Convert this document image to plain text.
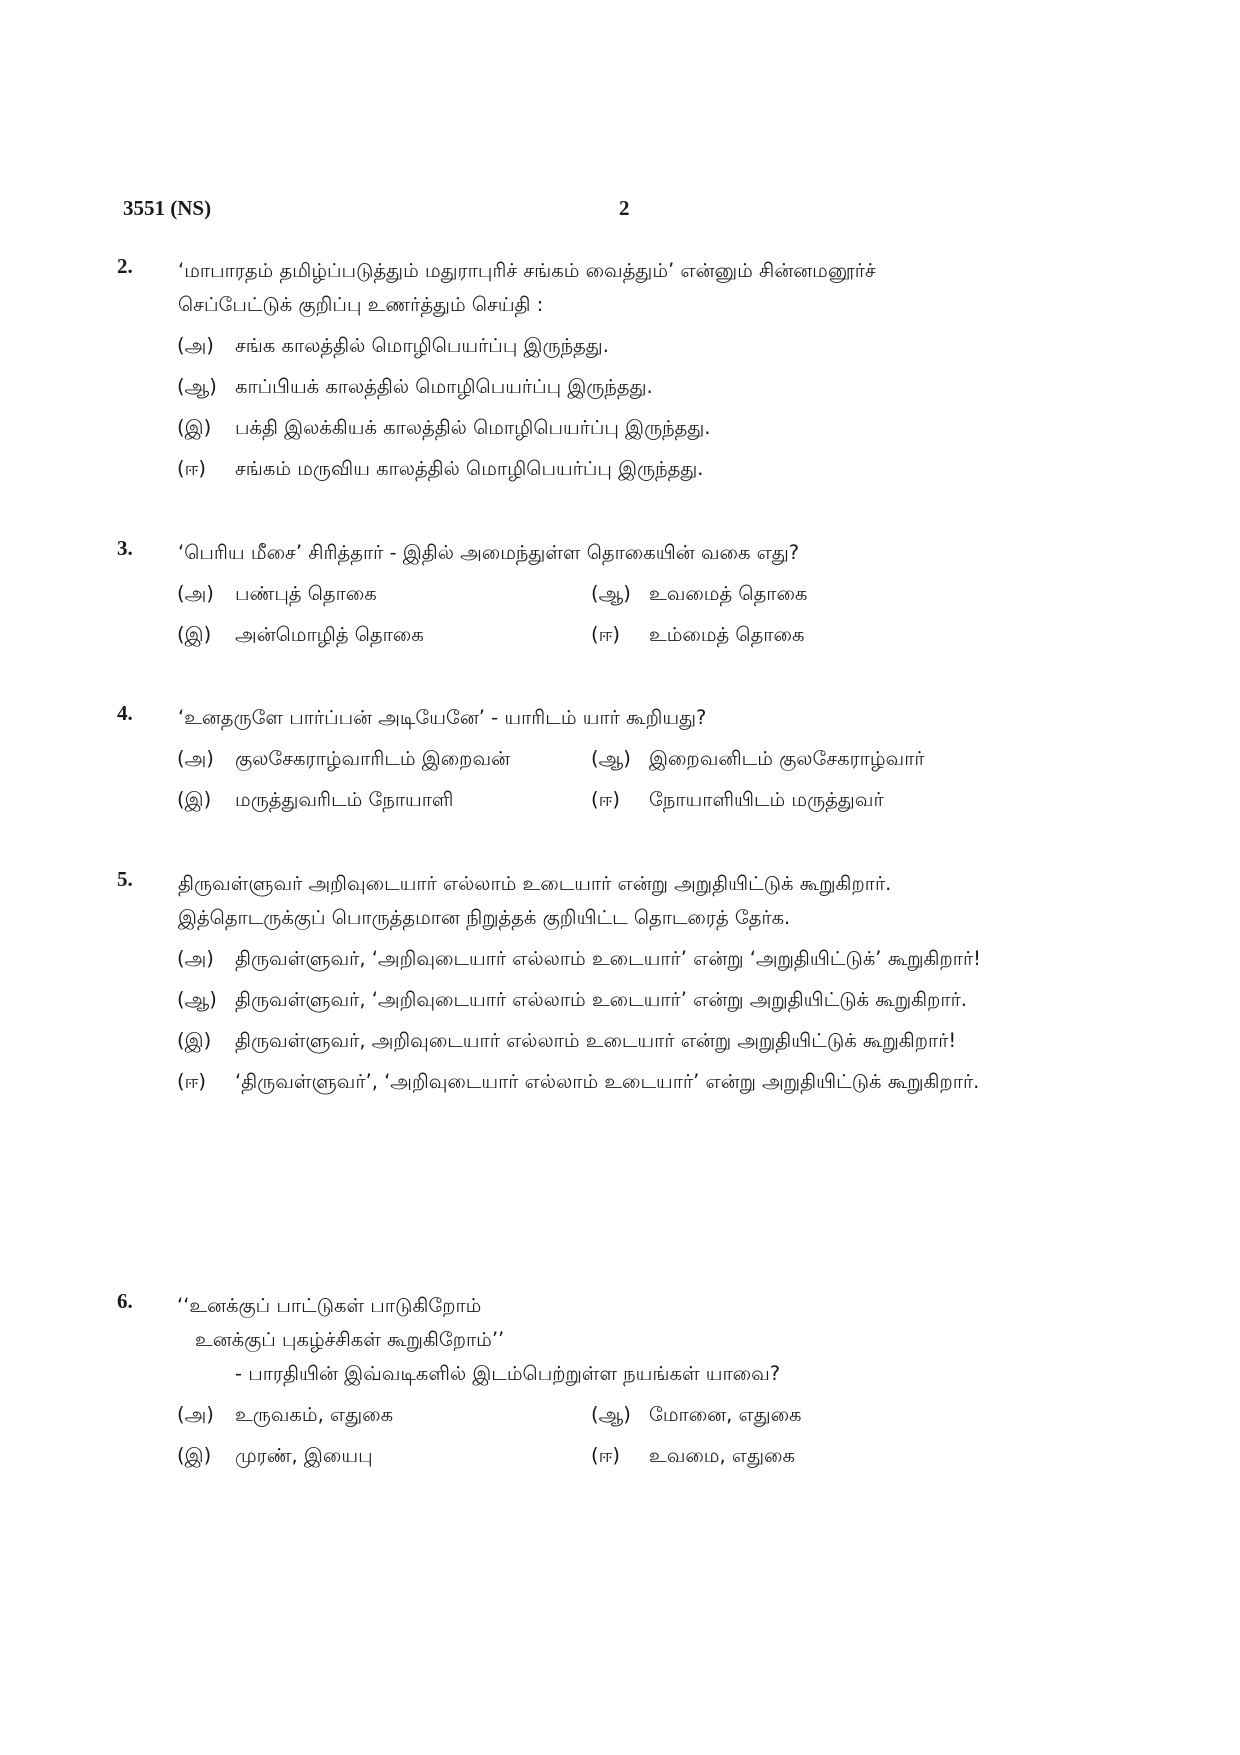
3551 (NS)	2
2. ‘மாபாரதம் தமிழ்ப்படுத்தும் மதுராபுரிச் சங்கம் வைத்தும்’ என்னும் சின்னமனூர்ச்
செப்பேட்டுக் குறிப்பு உணர்த்தும் செய்தி :
(அ)	சங்க காலத்தில் மொழிபெயர்ப்பு இருந்தது.
(ஆ) காப்பியக் காலத்தில் மொழிபெயர்ப்பு இருந்தது.
(இ)	பக்தி இலக்கியக் காலத்தில் மொழிபெயர்ப்பு இருந்தது.
(ஈ)	சங்கம் மருவிய காலத்தில் மொழிபெயர்ப்பு இருந்தது.
3. ‘பெரிய மீசை’ சிரித்தார் - இதில் அமைந்துள்ள தொகையின் வகை எது?
(அ)	பண்புத் தொகை	(ஆ) உவமைத் தொகை
(இ)	அன்மொழித் தொகை	(ஈ)	உம்மைத் தொகை
4. ‘உனதருளே பார்ப்பன் அடியேனே’ - யாரிடம் யார் கூறியது?
(அ)	குலசேகராழ்வாரிடம் இறைவன்	(ஆ) இறைவனிடம் குலசேகராழ்வார்
(இ)	மருத்துவரிடம் நோயாளி	(ஈ)	நோயாளியிடம் மருத்துவர்
5. திருவள்ளுவர் அறிவுடையார் எல்லாம் உடையார் என்று அறுதியிட்டுக் கூறுகிறார்.
இத்தொடருக்குப் பொருத்தமான நிறுத்தக் குறியிட்ட தொடரைத் தேர்க.
(அ)	திருவள்ளுவர், ‘அறிவுடையார் எல்லாம் உடையார்’ என்று ‘அறுதியிட்டுக்’ கூறுகிறார்!
(ஆ) திருவள்ளுவர், ‘அறிவுடையார் எல்லாம் உடையார்’ என்று அறுதியிட்டுக் கூறுகிறார்.
(இ)	திருவள்ளுவர், அறிவுடையார் எல்லாம் உடையார் என்று அறுதியிட்டுக் கூறுகிறார்!
(ஈ)	‘திருவள்ளுவர்’, ‘அறிவுடையார் எல்லாம் உடையார்’ என்று அறுதியிட்டுக் கூறுகிறார்.
6. ‘‘உனக்குப் பாட்டுகள் பாடுகிறோம்
உனக்குப் புகழ்ச்சிகள் கூறுகிறோம்’’
- பாரதியின் இவ்வடிகளில் இடம்பெற்றுள்ள நயங்கள் யாவை?
(அ)	உருவகம், எதுகை	(ஆ) மோனை, எதுகை
(இ)	முரண், இயைபு	(ஈ)	உவமை, எதுகை
